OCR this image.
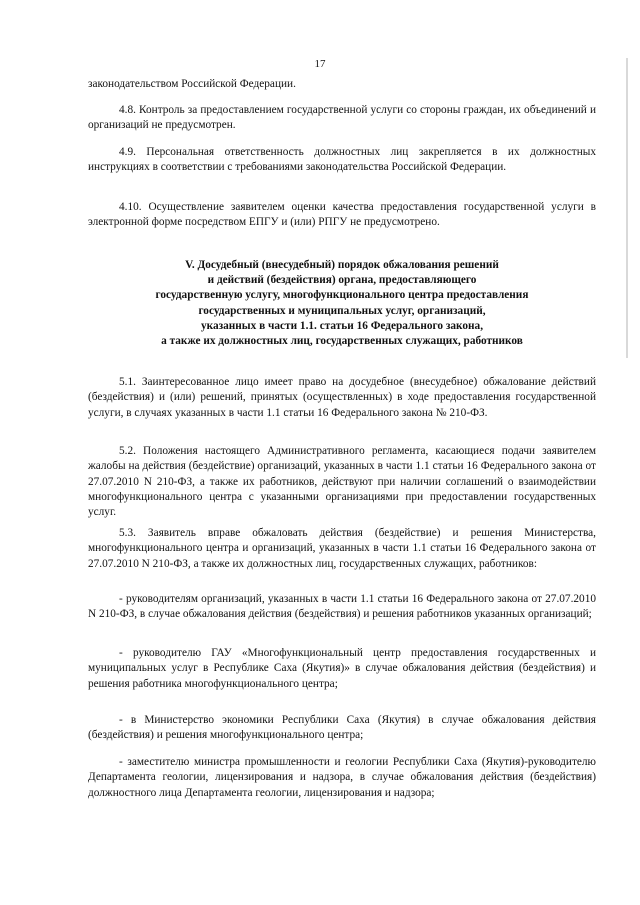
17

законодательством Российской Федерации.

4.8. Контроль за предоставлением государственной услуги со стороны граждан, их объединений и организаций не предусмотрен.

4.9. Персональная ответственность должностных лиц закрепляется в их должностных инструкциях в соответствии с требованиями законодательства Российской Федерации.

4.10. Осуществление заявителем оценки качества предоставления государственной услуги в электронной форме посредством ЕПГУ и (или) РПГУ не предусмотрено.

V. Досудебный (внесудебный) порядок обжалования решений
и действий (бездействия) органа, предоставляющего
государственную услугу, многофункционального центра предоставления
государственных и муниципальных услуг, организаций,
указанных в части 1.1. статьи 16 Федерального закона,
а также их должностных лиц, государственных служащих, работников

5.1. Заинтересованное лицо имеет право на досудебное (внесудебное) обжалование действий (бездействия) и (или) решений, принятых (осуществленных) в ходе предоставления государственной услуги, в случаях указанных в части 1.1 статьи 16 Федерального закона № 210-ФЗ.

5.2. Положения настоящего Административного регламента, касающиеся подачи заявителем жалобы на действия (бездействие) организаций, указанных в части 1.1 статьи 16 Федерального закона от 27.07.2010 N 210-ФЗ, а также их работников, действуют при наличии соглашений о взаимодействии многофункционального центра с указанными организациями при предоставлении государственных услуг.

5.3. Заявитель вправе обжаловать действия (бездействие) и решения Министерства, многофункционального центра и организаций, указанных в части 1.1 статьи 16 Федерального закона от 27.07.2010 N 210-ФЗ, а также их должностных лиц, государственных служащих, работников:

- руководителям организаций, указанных в части 1.1 статьи 16 Федерального закона от 27.07.2010 N 210-ФЗ, в случае обжалования действия (бездействия) и решения работников указанных организаций;

- руководителю ГАУ «Многофункциональный центр предоставления государственных и муниципальных услуг в Республике Саха (Якутия)» в случае обжалования действия (бездействия) и решения работника многофункционального центра;

- в Министерство экономики Республики Саха (Якутия) в случае обжалования действия (бездействия) и решения многофункционального центра;

- заместителю министра промышленности и геологии Республики Саха (Якутия)-руководителю Департамента геологии, лицензирования и надзора, в случае обжалования действия (бездействия) должностного лица Департамента геологии, лицензирования и надзора;
